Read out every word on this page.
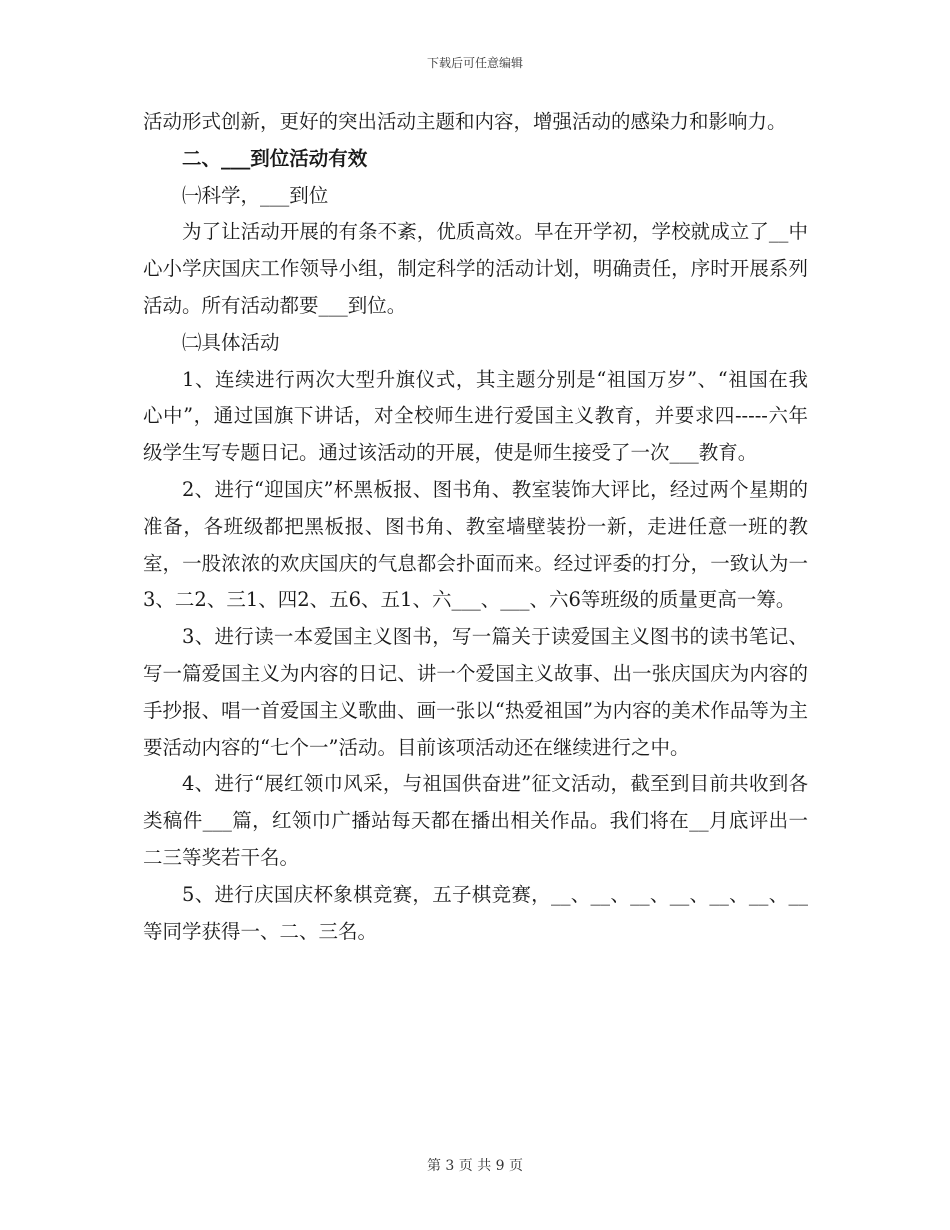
下载后可任意编辑

活动形式创新，更好的突出活动主题和内容，增强活动的感染力和影响力。

二、___到位活动有效

㈠科学，___到位

为了让活动开展的有条不紊，优质高效。早在开学初，学校就成立了__中心小学庆国庆工作领导小组，制定科学的活动计划，明确责任，序时开展系列活动。所有活动都要___到位。

㈡具体活动

1、连续进行两次大型升旗仪式，其主题分别是“祖国万岁”、“祖国在我心中”，通过国旗下讲话，对全校师生进行爱国主义教育，并要求四-----六年级学生写专题日记。通过该活动的开展，使是师生接受了一次___教育。

2、进行“迎国庆”杯黑板报、图书角、教室装饰大评比，经过两个星期的准备，各班级都把黑板报、图书角、教室墙壁装扮一新，走进任意一班的教室，一股浓浓的欢庆国庆的气息都会扑面而来。经过评委的打分，一致认为一3、二2、三1、四2、五6、五1、六___、___、六6等班级的质量更高一筹。

3、进行读一本爱国主义图书，写一篇关于读爱国主义图书的读书笔记、写一篇爱国主义为内容的日记、讲一个爱国主义故事、出一张庆国庆为内容的手抄报、唱一首爱国主义歌曲、画一张以“热爱祖国”为内容的美术作品等为主要活动内容的“七个一”活动。目前该项活动还在继续进行之中。

4、进行“展红领巾风采，与祖国供奋进”征文活动，截至到目前共收到各类稿件___篇，红领巾广播站每天都在播出相关作品。我们将在__月底评出一二三等奖若干名。

5、进行庆国庆杯象棋竞赛，五子棋竞赛，__、__、__、__、__、__、__等同学获得一、二、三名。

第 3 页 共 9 页
